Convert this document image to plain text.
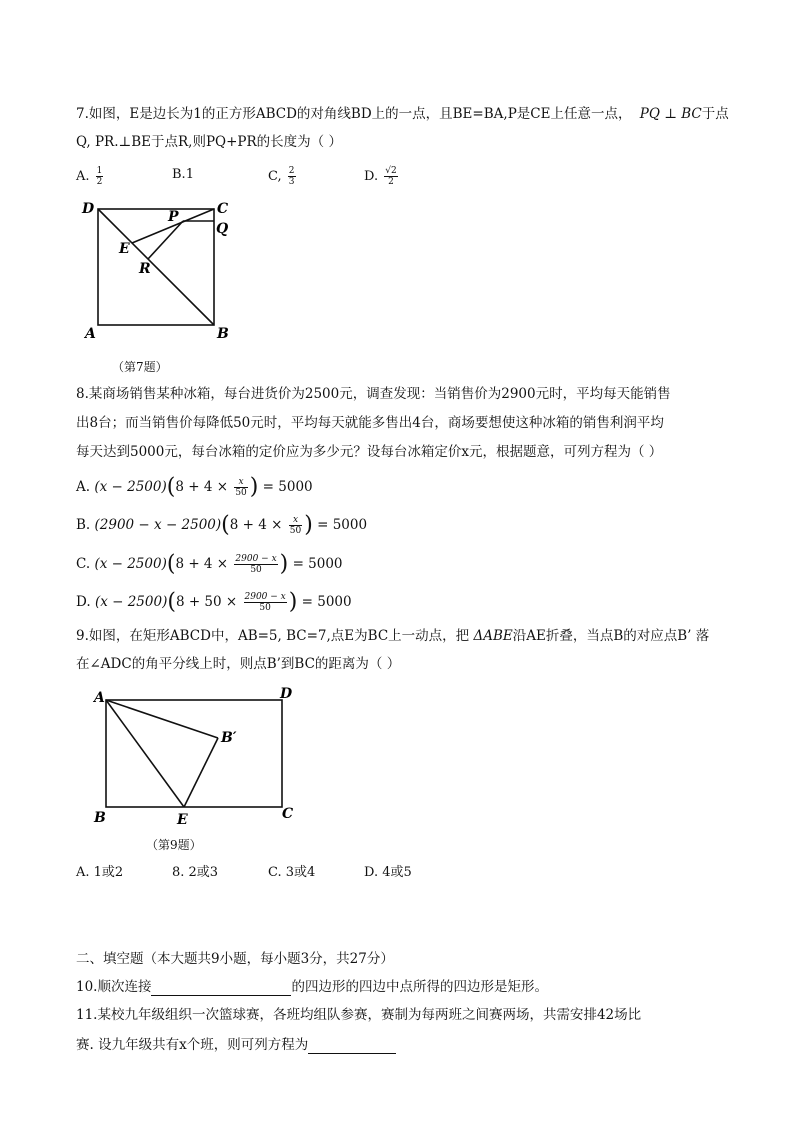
7.如图，E是边长为1的正方形ABCD的对角线BD上的一点，且BE=BA,P是CE上任意一点， PQ ⊥ BC于点
Q, PR.⊥BE于点R,则PQ+PR的长度为（ ）
A. $\frac{1}{2}$	B.1	C, $\frac{2}{3}$	D. $\frac{√2}{2}$
D	C
P
Q
E
R
A	B
（第7题）
8.某商场销售某种冰箱，每台进货价为2500元，调查发现：当销售价为2900元时，平均每天能销售
出8台；而当销售价每降低50元时，平均每天就能多售出4台，商场要想使这种冰箱的销售利润平均
每天达到5000元，每台冰箱的定价应为多少元？设每台冰箱定价x元，根据题意，可列方程为（ ）
A. $(x - 2500)(8 + 4 \times \frac{x}{50}$ ) = 5000
B. $(2900 - x - 2500)(8 + 4 \times \frac{x}{50}$ ) = 5000
C. $(x - 2500)(8 + 4 \times \frac{2900 - x}{50}$ ) = 5000
D. $(x - 2500)(8 + 50 \times \frac{2900 - x}{50}$ ) = 5000
9.如图，在矩形ABCD中，AB=5, BC=7,点E为BC上一动点，把 ΔABE沿AE折叠，当点B的对应点B’ 落
在∠ADC的角平分线上时，则点B’到BC的距离为（ ）
A	D
B′
B	E	C
（第9题）
A. 1或2	8. 2或3	C. 3或4	D. 4或5
二、填空题（本大题共9小题，每小题3分，共27分）
10.顺次连接	的四边形的四边中点所得的四边形是矩形。
11.某校九年级组织一次篮球赛，各班均组队参赛，赛制为每两班之间赛两场，共需安排42场比
赛. 设九年级共有x个班，则可列方程为
